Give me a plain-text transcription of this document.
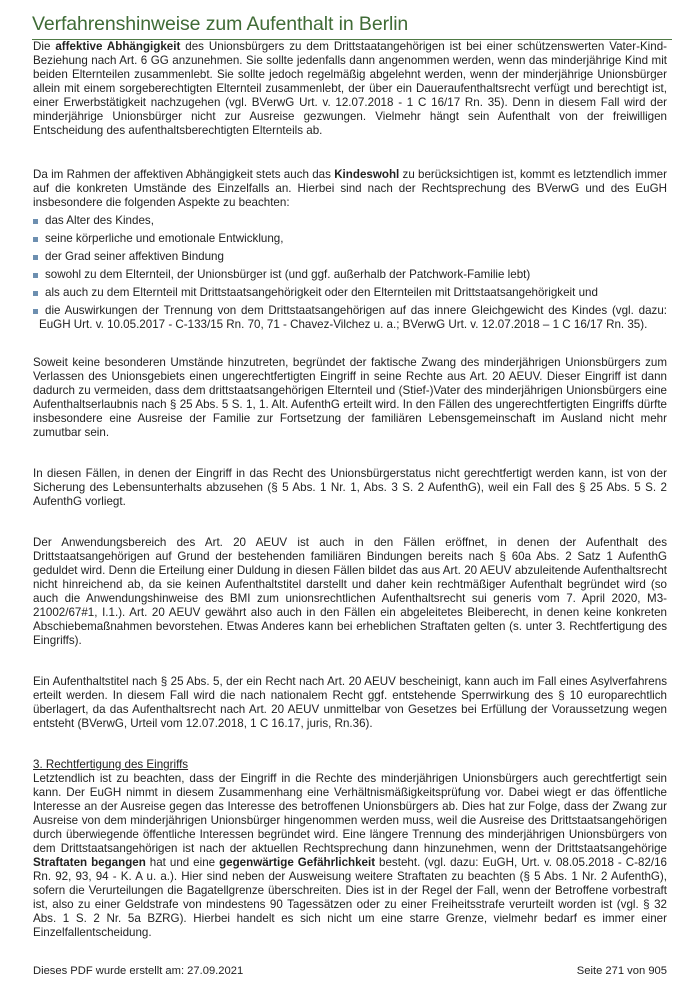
Verfahrenshinweise zum Aufenthalt in Berlin

Die affektive Abhängigkeit des Unionsbürgers zu dem Drittstaatangehörigen ist bei einer schützenswerten Vater-Kind-Beziehung nach Art. 6 GG anzunehmen. Sie sollte jedenfalls dann angenommen werden, wenn das minderjährige Kind mit beiden Elternteilen zusammenlebt. Sie sollte jedoch regelmäßig abgelehnt werden, wenn der minderjährige Unionsbürger allein mit einem sorgeberechtigten Elternteil zusammenlebt, der über ein Daueraufenthaltsrecht verfügt und berechtigt ist, einer Erwerbstätigkeit nachzugehen (vgl. BVerwG Urt. v. 12.07.2018 - 1 C 16/17 Rn. 35). Denn in diesem Fall wird der minderjährige Unionsbürger nicht zur Ausreise gezwungen. Vielmehr hängt sein Aufenthalt von der freiwilligen Entscheidung des aufenthaltsberechtigten Elternteils ab.

Da im Rahmen der affektiven Abhängigkeit stets auch das Kindeswohl zu berücksichtigen ist, kommt es letztendlich immer auf die konkreten Umstände des Einzelfalls an. Hierbei sind nach der Rechtsprechung des BVerwG und des EuGH insbesondere die folgenden Aspekte zu beachten:

das Alter des Kindes,
seine körperliche und emotionale Entwicklung,
der Grad seiner affektiven Bindung
sowohl zu dem Elternteil, der Unionsbürger ist (und ggf. außerhalb der Patchwork-Familie lebt)
als auch zu dem Elternteil mit Drittstaatsangehörigkeit oder den Elternteilen mit Drittstaatsangehörigkeit und
die Auswirkungen der Trennung von dem Drittstaatsangehörigen auf das innere Gleichgewicht des Kindes (vgl. dazu:
EuGH Urt. v. 10.05.2017 - C-133/15 Rn. 70, 71 - Chavez-Vilchez u. a.; BVerwG Urt. v. 12.07.2018 – 1 C 16/17 Rn. 35).

Soweit keine besonderen Umstände hinzutreten, begründet der faktische Zwang des minderjährigen Unionsbürgers zum Verlassen des Unionsgebiets einen ungerechtfertigten Eingriff in seine Rechte aus Art. 20 AEUV. Dieser Eingriff ist dann dadurch zu vermeiden, dass dem drittstaatsangehörigen Elternteil und (Stief-)Vater des minderjährigen Unionsbürgers eine Aufenthaltserlaubnis nach § 25 Abs. 5 S. 1, 1. Alt. AufenthG erteilt wird. In den Fällen des ungerechtfertigten Eingriffs dürfte insbesondere eine Ausreise der Familie zur Fortsetzung der familiären Lebensgemeinschaft im Ausland nicht mehr zumutbar sein.

In diesen Fällen, in denen der Eingriff in das Recht des Unionsbürgerstatus nicht gerechtfertigt werden kann, ist von der Sicherung des Lebensunterhalts abzusehen (§ 5 Abs. 1 Nr. 1, Abs. 3 S. 2 AufenthG), weil ein Fall des § 25 Abs. 5 S. 2 AufenthG vorliegt.

Der Anwendungsbereich des Art. 20 AEUV ist auch in den Fällen eröffnet, in denen der Aufenthalt des Drittstaatsangehörigen auf Grund der bestehenden familiären Bindungen bereits nach § 60a Abs. 2 Satz 1 AufenthG geduldet wird. Denn die Erteilung einer Duldung in diesen Fällen bildet das aus Art. 20 AEUV abzuleitende Aufenthaltsrecht nicht hinreichend ab, da sie keinen Aufenthaltstitel darstellt und daher kein rechtmäßiger Aufenthalt begründet wird (so auch die Anwendungshinweise des BMI zum unionsrechtlichen Aufenthaltsrecht sui generis vom 7. April 2020, M3-21002/67#1, I.1.). Art. 20 AEUV gewährt also auch in den Fällen ein abgeleitetes Bleiberecht, in denen keine konkreten Abschiebemaßnahmen bevorstehen. Etwas Anderes kann bei erheblichen Straftaten gelten (s. unter 3. Rechtfertigung des Eingriffs).

Ein Aufenthaltstitel nach § 25 Abs. 5, der ein Recht nach Art. 20 AEUV bescheinigt, kann auch im Fall eines Asylverfahrens erteilt werden. In diesem Fall wird die nach nationalem Recht ggf. entstehende Sperrwirkung des § 10 europarechtlich überlagert, da das Aufenthaltsrecht nach Art. 20 AEUV unmittelbar von Gesetzes bei Erfüllung der Voraussetzung wegen entsteht (BVerwG, Urteil vom 12.07.2018, 1 C 16.17, juris, Rn.36).

3. Rechtfertigung des Eingriffs

Letztendlich ist zu beachten, dass der Eingriff in die Rechte des minderjährigen Unionsbürgers auch gerechtfertigt sein kann. Der EuGH nimmt in diesem Zusammenhang eine Verhältnismäßigkeitsprüfung vor. Dabei wiegt er das öffentliche Interesse an der Ausreise gegen das Interesse des betroffenen Unionsbürgers ab. Dies hat zur Folge, dass der Zwang zur Ausreise von dem minderjährigen Unionsbürger hingenommen werden muss, weil die Ausreise des Drittstaatsangehörigen durch überwiegende öffentliche Interessen begründet wird. Eine längere Trennung des minderjährigen Unionsbürgers von dem Drittstaatsangehörigen ist nach der aktuellen Rechtsprechung dann hinzunehmen, wenn der Drittstaatsangehörige Straftaten begangen hat und eine gegenwärtige Gefährlichkeit besteht. (vgl. dazu: EuGH, Urt. v. 08.05.2018 - C-82/16 Rn. 92, 93, 94 - K. A u. a.). Hier sind neben der Ausweisung weitere Straftaten zu beachten (§ 5 Abs. 1 Nr. 2 AufenthG), sofern die Verurteilungen die Bagatellgrenze überschreiten. Dies ist in der Regel der Fall, wenn der Betroffene vorbestraft ist, also zu einer Geldstrafe von mindestens 90 Tagessätzen oder zu einer Freiheitsstrafe verurteilt worden ist (vgl. § 32 Abs. 1 S. 2 Nr. 5a BZRG). Hierbei handelt es sich nicht um eine starre Grenze, vielmehr bedarf es immer einer Einzelfallentscheidung.

Dieses PDF wurde erstellt am: 27.09.2021	Seite 271 von 905
